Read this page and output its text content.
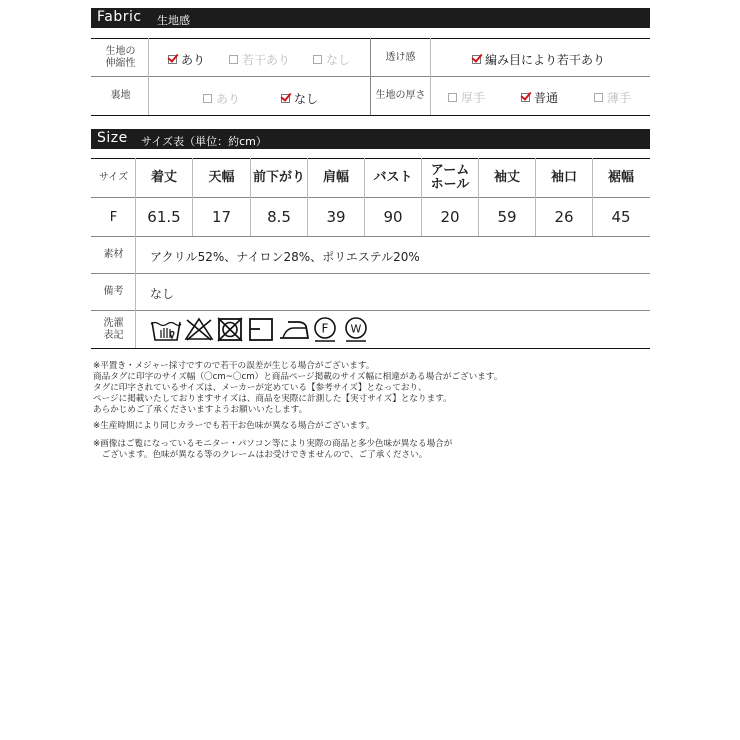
Fabric 生地感
生地の伸縮性	あり	若干あり	なし	透け感	編み目により若干あり
裏地	あり	なし	生地の厚さ	厚手	普通	薄手
Size サイズ表（単位：約cm）
サイズ	着丈	天幅	前下がり	肩幅	バスト	アームホール	袖丈	袖口	裾幅
F	61.5	17	8.5	39	90	20	59	26	45
素材	アクリル52%、ナイロン28%、ポリエステル20%
備考	なし
洗濯表記	F W
※平置き・メジャー採寸ですので若干の誤差が生じる場合がございます。
商品タグに印字のサイズ幅（〇cm~〇cm）と商品ページ掲載のサイズ幅に相違がある場合がございます。
タグに印字されているサイズは、メーカーが定めている【参考サイズ】となっており、
ページに掲載いたしておりますサイズは、商品を実際に計測した【実寸サイズ】となります。
あらかじめご了承くださいますようお願いいたします。
※生産時期により同じカラーでも若干お色味が異なる場合がございます。
※画像はご覧になっているモニター・パソコン等により実際の商品と多少色味が異なる場合が
　ございます。色味が異なる等のクレームはお受けできませんので、ご了承ください。
